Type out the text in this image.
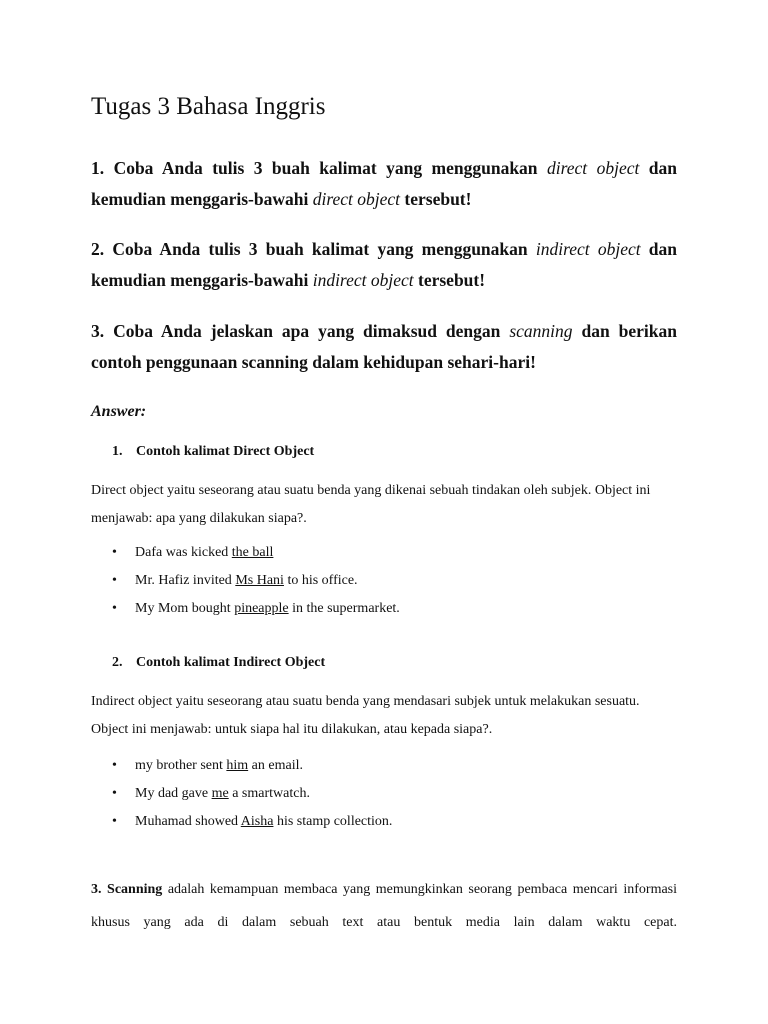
Tugas 3 Bahasa Inggris
1. Coba Anda tulis 3 buah kalimat yang menggunakan direct object dan kemudian menggaris-bawahi direct object tersebut!
2. Coba Anda tulis 3 buah kalimat yang menggunakan indirect object dan kemudian menggaris-bawahi indirect object tersebut!
3. Coba Anda jelaskan apa yang dimaksud dengan scanning dan berikan contoh penggunaan scanning dalam kehidupan sehari-hari!
Answer:
1. Contoh kalimat Direct Object
Direct object yaitu seseorang atau suatu benda yang dikenai sebuah tindakan oleh subjek. Object ini menjawab: apa yang dilakukan siapa?.
• Dafa was kicked the ball
• Mr. Hafiz invited Ms Hani to his office.
• My Mom bought pineapple in the supermarket.
2. Contoh kalimat Indirect Object
Indirect object yaitu seseorang atau suatu benda yang mendasari subjek untuk melakukan sesuatu. Object ini menjawab: untuk siapa hal itu dilakukan, atau kepada siapa?.
• my brother sent him an email.
• My dad gave me a smartwatch.
• Muhamad showed Aisha his stamp collection.
3. Scanning adalah kemampuan membaca yang memungkinkan seorang pembaca mencari informasi khusus yang ada di dalam sebuah text atau bentuk media lain dalam waktu cepat.
